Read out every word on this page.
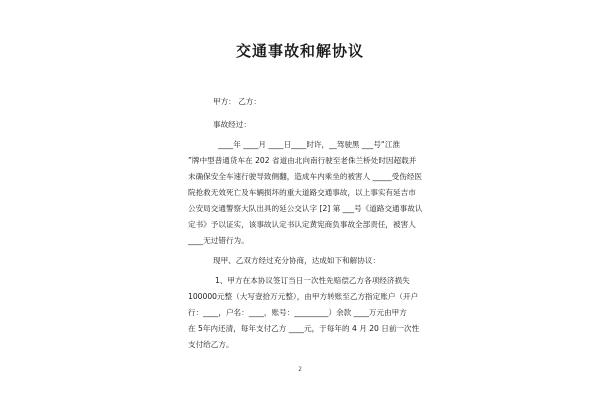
交通事故和解协议
甲方： 乙方：
事故经过：
____年 ____月 ____日____时许，__驾驶黑 ___号“江淮
”牌中型普通货车在 202 省道由北向南行驶至老侏兰桥处时因超载并
未确保安全车速行驶导致侧翻，造成车内乘坐的被害人 _____受伤经医
院抢救无效死亡及车辆损坏的重大道路交通事故，以上事实有延吉市
公安局交通警察大队出具的延公交认字 [2] 第 ___号《道路交通事故认
定书》予以证实，该事故认定书认定黄宪商负事故全部责任，被害人
____无过错行为。
现甲、乙双方经过充分协商，达成如下和解协议：
1、甲方在本协议签订当日一次性先赔偿乙方各项经济损失
100000元整（大写壹拾万元整），由甲方转账至乙方指定账户（开户
行：____，户名：____，账号：_________）余款 ____万元由甲方
在 5年内还清，每年支付乙方 ____元，于每年的 4 月 20 日前一次性
支付给乙方。
2
